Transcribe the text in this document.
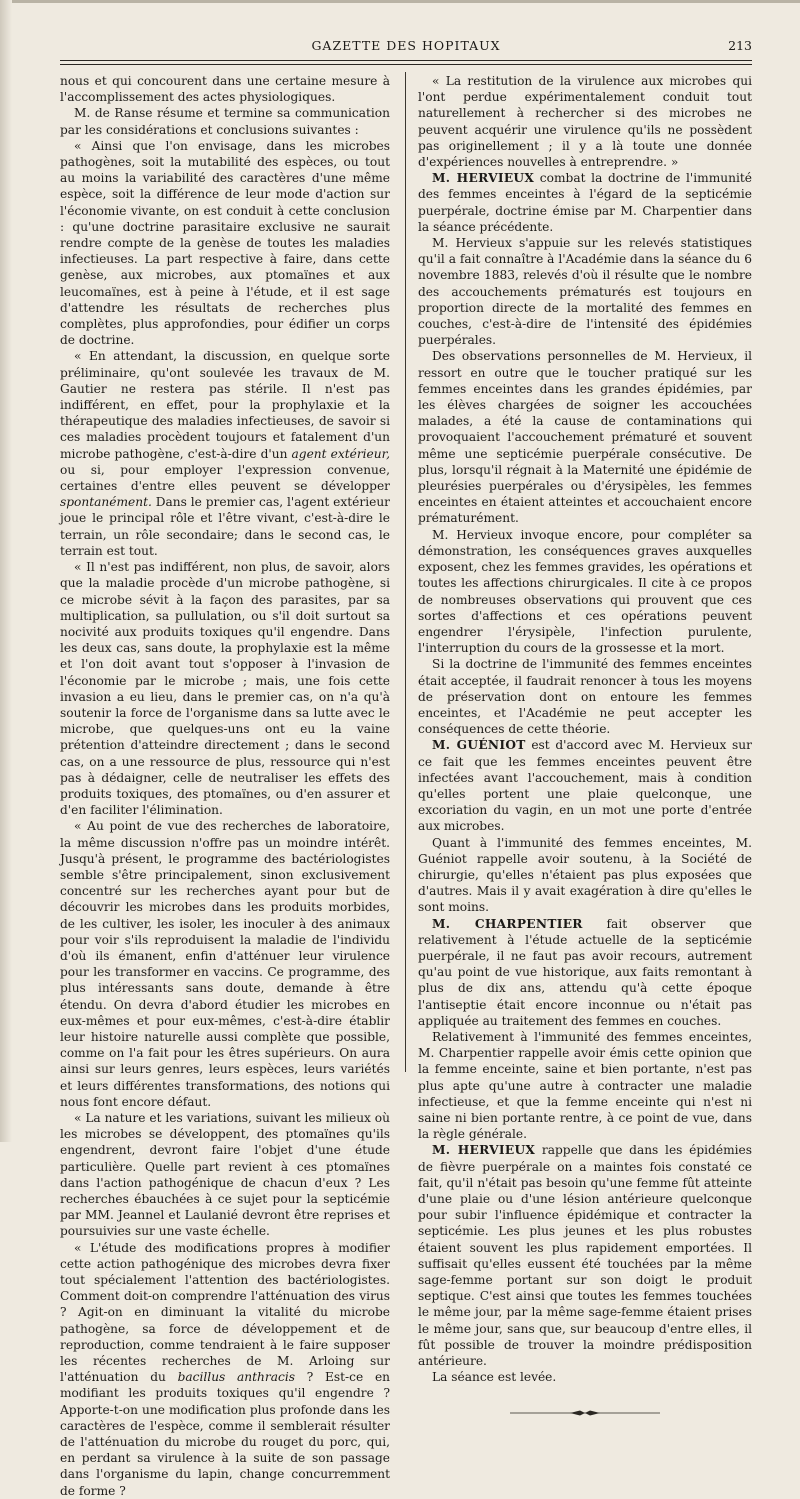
GAZETTE DES HOPITAUX	213

nous et qui concourent dans une certaine mesure à l'accomplissement des actes physiologiques.

M. de Ranse résume et termine sa communication par les considérations et conclusions suivantes :

« Ainsi que l'on envisage, dans les microbes pathogènes, soit la mutabilité des espèces, ou tout au moins la variabilité des caractères d'une même espèce, soit la différence de leur mode d'action sur l'économie vivante, on est conduit à cette conclusion : qu'une doctrine parasitaire exclusive ne saurait rendre compte de la genèse de toutes les maladies infectieuses. La part respective à faire, dans cette genèse, aux microbes, aux ptomaïnes et aux leucomaïnes, est à peine à l'étude, et il est sage d'attendre les résultats de recherches plus complètes, plus approfondies, pour édifier un corps de doctrine.

« En attendant, la discussion, en quelque sorte préliminaire, qu'ont soulevée les travaux de M. Gautier ne restera pas stérile. Il n'est pas indifférent, en effet, pour la prophylaxie et la thérapeutique des maladies infectieuses, de savoir si ces maladies procèdent toujours et fatalement d'un microbe pathogène, c'est-à-dire d'un agent extérieur, ou si, pour employer l'expression convenue, certaines d'entre elles peuvent se développer spontanément. Dans le premier cas, l'agent extérieur joue le principal rôle et l'être vivant, c'est-à-dire le terrain, un rôle secondaire; dans le second cas, le terrain est tout.

« Il n'est pas indifférent, non plus, de savoir, alors que la maladie procède d'un microbe pathogène, si ce microbe sévit à la façon des parasites, par sa multiplication, sa pullulation, ou s'il doit surtout sa nocivité aux produits toxiques qu'il engendre. Dans les deux cas, sans doute, la prophylaxie est la même et l'on doit avant tout s'opposer à l'invasion de l'économie par le microbe ; mais, une fois cette invasion a eu lieu, dans le premier cas, on n'a qu'à soutenir la force de l'organisme dans sa lutte avec le microbe, que quelques-uns ont eu la vaine prétention d'atteindre directement ; dans le second cas, on a une ressource de plus, ressource qui n'est pas à dédaigner, celle de neutraliser les effets des produits toxiques, des ptomaïnes, ou d'en assurer et d'en faciliter l'élimination.

« Au point de vue des recherches de laboratoire, la même discussion n'offre pas un moindre intérêt. Jusqu'à présent, le programme des bactériologistes semble s'être principalement, sinon exclusivement concentré sur les recherches ayant pour but de découvrir les microbes dans les produits morbides, de les cultiver, les isoler, les inoculer à des animaux pour voir s'ils reproduisent la maladie de l'individu d'où ils émanent, enfin d'atténuer leur virulence pour les transformer en vaccins. Ce programme, des plus intéressants sans doute, demande à être étendu. On devra d'abord étudier les microbes en eux-mêmes et pour eux-mêmes, c'est-à-dire établir leur histoire naturelle aussi complète que possible, comme on l'a fait pour les êtres supérieurs. On aura ainsi sur leurs genres, leurs espèces, leurs variétés et leurs différentes transformations, des notions qui nous font encore défaut.

« La nature et les variations, suivant les milieux où les microbes se développent, des ptomaïnes qu'ils engendrent, devront faire l'objet d'une étude particulière. Quelle part revient à ces ptomaïnes dans l'action pathogénique de chacun d'eux ? Les recherches ébauchées à ce sujet pour la septicémie par MM. Jeannel et Laulanié devront être reprises et poursuivies sur une vaste échelle.

« L'étude des modifications propres à modifier cette action pathogénique des microbes devra fixer tout spécialement l'attention des bactériologistes. Comment doit-on comprendre l'atténuation des virus ? Agit-on en diminuant la vitalité du microbe pathogène, sa force de développement et de reproduction, comme tendraient à le faire supposer les récentes recherches de M. Arloing sur l'atténuation du bacillus anthracis ? Est-ce en modifiant les produits toxiques qu'il engendre ? Apporte-t-on une modification plus profonde dans les caractères de l'espèce, comme il semblerait résulter de l'atténuation du microbe du rouget du porc, qui, en perdant sa virulence à la suite de son passage dans l'organisme du lapin, change concurremment de forme ?

« La restitution de la virulence aux microbes qui l'ont perdue expérimentalement conduit tout naturellement à rechercher si des microbes ne peuvent acquérir une virulence qu'ils ne possèdent pas originellement ; il y a là toute une donnée d'expériences nouvelles à entreprendre. »

M. HERVIEUX combat la doctrine de l'immunité des femmes enceintes à l'égard de la septicémie puerpérale, doctrine émise par M. Charpentier dans la séance précédente.

M. Hervieux s'appuie sur les relevés statistiques qu'il a fait connaître à l'Académie dans la séance du 6 novembre 1883, relevés d'où il résulte que le nombre des accouchements prématurés est toujours en proportion directe de la mortalité des femmes en couches, c'est-à-dire de l'intensité des épidémies puerpérales.

Des observations personnelles de M. Hervieux, il ressort en outre que le toucher pratiqué sur les femmes enceintes dans les grandes épidémies, par les élèves chargées de soigner les accouchées malades, a été la cause de contaminations qui provoquaient l'accouchement prématuré et souvent même une septicémie puerpérale consécutive. De plus, lorsqu'il régnait à la Maternité une épidémie de pleurésies puerpérales ou d'érysipèles, les femmes enceintes en étaient atteintes et accouchaient encore prématurément.

M. Hervieux invoque encore, pour compléter sa démonstration, les conséquences graves auxquelles exposent, chez les femmes gravides, les opérations et toutes les affections chirurgicales. Il cite à ce propos de nombreuses observations qui prouvent que ces sortes d'affections et ces opérations peuvent engendrer l'érysipèle, l'infection purulente, l'interruption du cours de la grossesse et la mort.

Si la doctrine de l'immunité des femmes enceintes était acceptée, il faudrait renoncer à tous les moyens de préservation dont on entoure les femmes enceintes, et l'Académie ne peut accepter les conséquences de cette théorie.

M. GUÉNIOT est d'accord avec M. Hervieux sur ce fait que les femmes enceintes peuvent être infectées avant l'accouchement, mais à condition qu'elles portent une plaie quelconque, une excoriation du vagin, en un mot une porte d'entrée aux microbes.

Quant à l'immunité des femmes enceintes, M. Guéniot rappelle avoir soutenu, à la Société de chirurgie, qu'elles n'étaient pas plus exposées que d'autres. Mais il y avait exagération à dire qu'elles le sont moins.

M. CHARPENTIER fait observer que relativement à l'étude actuelle de la septicémie puerpérale, il ne faut pas avoir recours, autrement qu'au point de vue historique, aux faits remontant à plus de dix ans, attendu qu'à cette époque l'antiseptie était encore inconnue ou n'était pas appliquée au traitement des femmes en couches.

Relativement à l'immunité des femmes enceintes, M. Charpentier rappelle avoir émis cette opinion que la femme enceinte, saine et bien portante, n'est pas plus apte qu'une autre à contracter une maladie infectieuse, et que la femme enceinte qui n'est ni saine ni bien portante rentre, à ce point de vue, dans la règle générale.

M. HERVIEUX rappelle que dans les épidémies de fièvre puerpérale on a maintes fois constaté ce fait, qu'il n'était pas besoin qu'une femme fût atteinte d'une plaie ou d'une lésion antérieure quelconque pour subir l'influence épidémique et contracter la septicémie. Les plus jeunes et les plus robustes étaient souvent les plus rapidement emportées. Il suffisait qu'elles eussent été touchées par la même sage-femme portant sur son doigt le produit septique. C'est ainsi que toutes les femmes touchées le même jour, par la même sage-femme étaient prises le même jour, sans que, sur beaucoup d'entre elles, il fût possible de trouver la moindre prédisposition antérieure.

La séance est levée.
